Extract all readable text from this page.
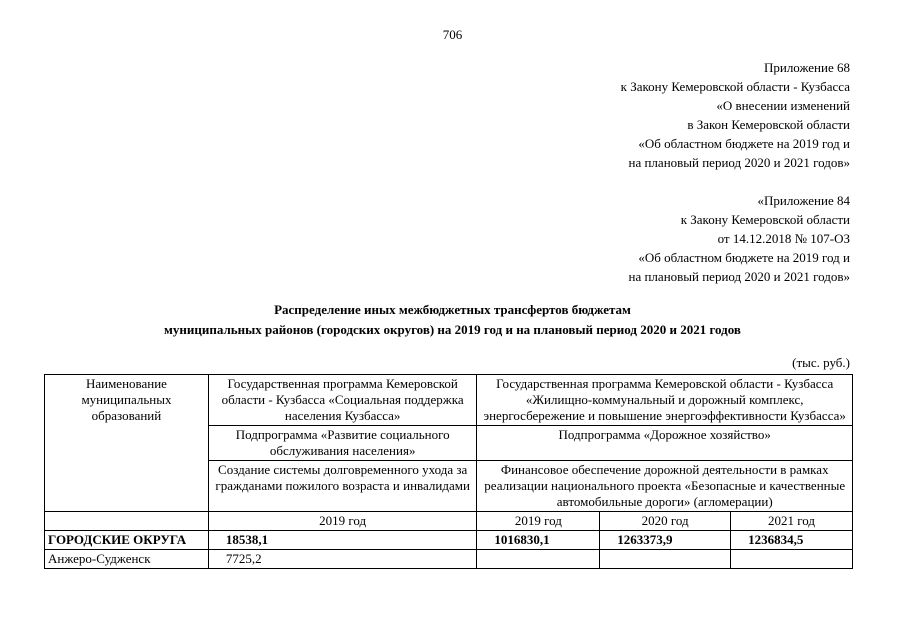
706
Приложение 68
к Закону Кемеровской области - Кузбасса
«О внесении изменений
в Закон Кемеровской области
«Об областном бюджете на 2019 год и
на плановый период 2020 и 2021 годов»
«Приложение 84
к Закону Кемеровской области
от 14.12.2018 № 107-ОЗ
«Об областном бюджете на 2019 год и
на плановый период 2020 и 2021 годов»
Распределение иных межбюджетных трансфертов бюджетам
муниципальных районов (городских округов) на 2019 год и на плановый период 2020 и 2021 годов
(тыс. руб.)
Наименование муниципальных образований	Государственная программа Кемеровской области - Кузбасса «Социальная поддержка населения Кузбасса»	Государственная программа Кемеровской области - Кузбасса «Жилищно-коммунальный и дорожный комплекс, энергосбережение и повышение энергоэффективности Кузбасса»		
	Подпрограмма «Развитие социального обслуживания населения»	Подпрограмма «Дорожное хозяйство»		
	Создание системы долговременного ухода за гражданами пожилого возраста и инвалидами	Финансовое обеспечение дорожной деятельности в рамках реализации национального проекта «Безопасные и качественные автомобильные дороги» (агломерации)		
	2019 год	2019 год	2020 год	2021 год
ГОРОДСКИЕ ОКРУГА	18538,1	1016830,1	1263373,9	1236834,5
Анжеро-Судженск	7725,2			
